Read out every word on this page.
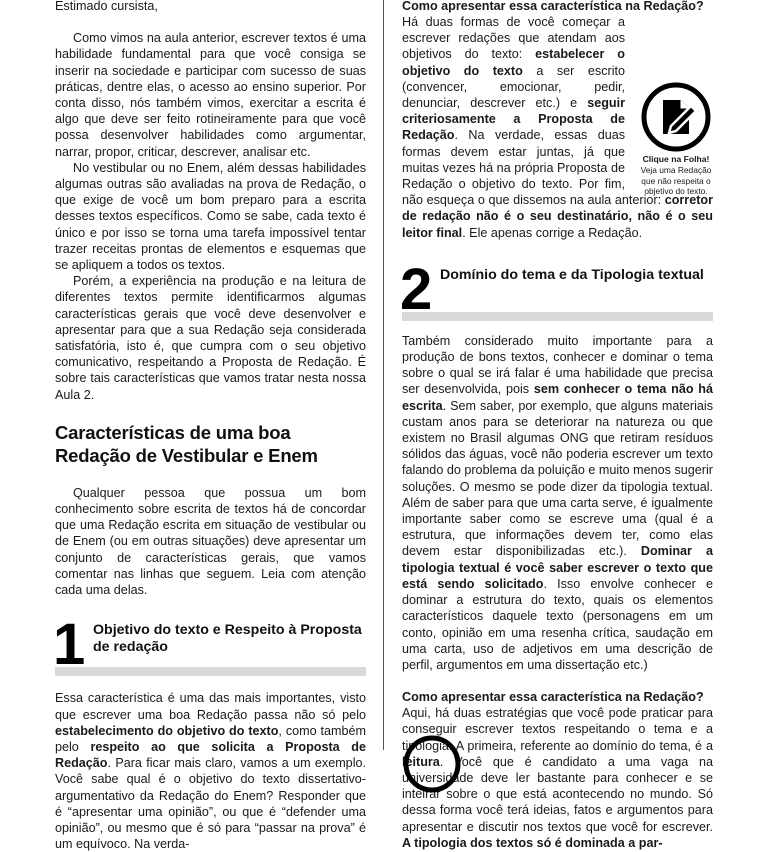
Estimado cursista,

Como vimos na aula anterior, escrever textos é uma habilidade fundamental para que você consiga se inserir na sociedade e participar com sucesso de suas práticas, dentre elas, o acesso ao ensino superior. Por conta disso, nós também vimos, exercitar a escrita é algo que deve ser feito rotineiramente para que você possa desenvolver habilidades como argumentar, narrar, propor, criticar, descrever, analisar etc.

No vestibular ou no Enem, além dessas habilidades algumas outras são avaliadas na prova de Redação, o que exige de você um bom preparo para a escrita desses textos específicos. Como se sabe, cada texto é único e por isso se torna uma tarefa impossível tentar trazer receitas prontas de elementos e esquemas que se apliquem a todos os textos.

Porém, a experiência na produção e na leitura de diferentes textos permite identificarmos algumas características gerais que você deve desenvolver e apresentar para que a sua Redação seja considerada satisfatória, isto é, que cumpra com o seu objetivo comunicativo, respeitando a Proposta de Redação. É sobre tais características que vamos tratar nesta nossa Aula 2.

Características de uma boa Redação de Vestibular e Enem

Qualquer pessoa que possua um bom conhecimento sobre escrita de textos há de concordar que uma Redação escrita em situação de vestibular ou de Enem (ou em outras situações) deve apresentar um conjunto de características gerais, que vamos comentar nas linhas que seguem. Leia com atenção cada uma delas.

1 Objetivo do texto e Respeito à Proposta de redação

Essa característica é uma das mais importantes, visto que escrever uma boa Redação passa não só pelo estabelecimento do objetivo do texto, como também pelo respeito ao que solicita a Proposta de Redação. Para ficar mais claro, vamos a um exemplo. Você sabe qual é o objetivo do texto dissertativo-argumentativo da Redação do Enem? Responder que é “apresentar uma opinião”, ou que é “defender uma opinião”, ou mesmo que é só para “passar na prova” é um equívoco. Na verda-

Como apresentar essa característica na Redação?

Há duas formas de você começar a escrever redações que atendam aos objetivos do texto: estabelecer o objetivo do texto a ser escrito (convencer, emocionar, pedir, denunciar, descrever etc.) e seguir criteriosamente a Proposta de Redação. Na verdade, essas duas formas devem estar juntas, já que muitas vezes há na própria Proposta de Redação o objetivo do texto. Por fim, não esqueça o que dissemos na aula anterior: corretor de redação não é o seu destinatário, não é o seu leitor final. Ele apenas corrige a Redação.

2 Domínio do tema e da Tipologia textual

Também considerado muito importante para a produção de bons textos, conhecer e dominar o tema sobre o qual se irá falar é uma habilidade que precisa ser desenvolvida, pois sem conhecer o tema não há escrita. Sem saber, por exemplo, que alguns materiais custam anos para se deteriorar na natureza ou que existem no Brasil algumas ONG que retiram resíduos sólidos das águas, você não poderia escrever um texto falando do problema da poluição e muito menos sugerir soluções. O mesmo se pode dizer da tipologia textual. Além de saber para que uma carta serve, é igualmente importante saber como se escreve uma (qual é a estrutura, que informações devem ter, como elas devem estar disponibilizadas etc.). Dominar a tipologia textual é você saber escrever o texto que está sendo solicitado. Isso envolve conhecer e dominar a estrutura do texto, quais os elementos característicos daquele texto (personagens em um conto, opinião em uma resenha crítica, saudação em uma carta, uso de adjetivos em uma descrição de perfil, argumentos em uma dissertação etc.)

Como apresentar essa característica na Redação?

Aqui, há duas estratégias que você pode praticar para conseguir escrever textos respeitando o tema e a tipologia. A primeira, referente ao domínio do tema, é a leitura. Você que é candidato a uma vaga na universidade deve ler bastante para conhecer e se inteirar sobre o que está acontecendo no mundo. Só dessa forma você terá ideias, fatos e argumentos para apresentar e discutir nos textos que você for escrever. A tipologia dos textos só é dominada a par-

Clique na Folha!
Veja uma Redação que não respeita o objetivo do texto.
